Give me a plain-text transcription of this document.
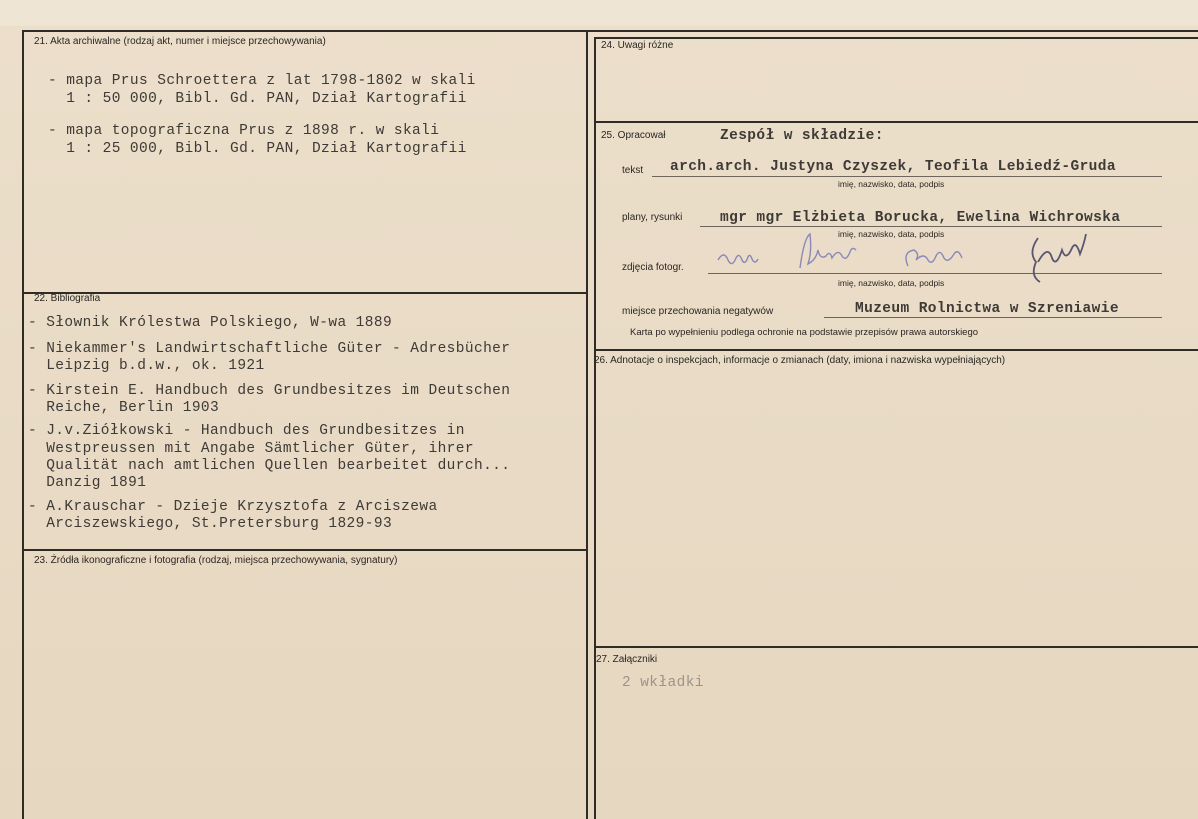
21. Akta archiwalne (rodzaj akt, numer i miejsce przechowywania)
- mapa Prus Schroettera z lat 1798-1802 w skali
1 : 50 000, Bibl. Gd. PAN, Dział Kartografii
- mapa topograficzna Prus z 1898 r. w skali
1 : 25 000, Bibl. Gd. PAN, Dział Kartografii
22. Bibliografia
- Słownik Królestwa Polskiego, W-wa 1889
- Niekammer's Landwirtschaftliche Güter - Adresbücher
Leipzig b.d.w., ok. 1921
- Kirstein E. Handbuch des Grundbesitzes im Deutschen
Reiche, Berlin 1903
- J.v.Ziółkowski - Handbuch des Grundbesitzes in
Westpreussen mit Angabe Sämtlicher Güter, ihrer
Qualität nach amtlichen Quellen bearbeitet durch...
Danzig 1891
- A.Krauschar - Dzieje Krzysztofa z Arciszewa
Arciszewskiego, St.Pretersburg 1829-93
23. Źródła ikonograficzne i fotografia (rodzaj, miejsca przechowywania, sygnatury)
24. Uwagi różne
25. Opracował	Zespół w składzie:
tekst arch.arch. Justyna Czyszek, Teofila Lebiedź-Gruda
imię, nazwisko, data, podpis
plany, rysunki	mgr mgr Elżbieta Borucka, Ewelina Wichrowska
imię, nazwisko, data, podpis
zdjęcia fotogr.
imię, nazwisko, data, podpis
miejsce przechowania negatywów	Muzeum Rolnictwa w Szreniawie
Karta po wypełnieniu podlega ochronie na podstawie przepisów prawa autorskiego
26. Adnotacje o inspekcjach, informacje o zmianach (daty, imiona i nazwiska wypełniających)
27. Załączniki
2 wkładki
